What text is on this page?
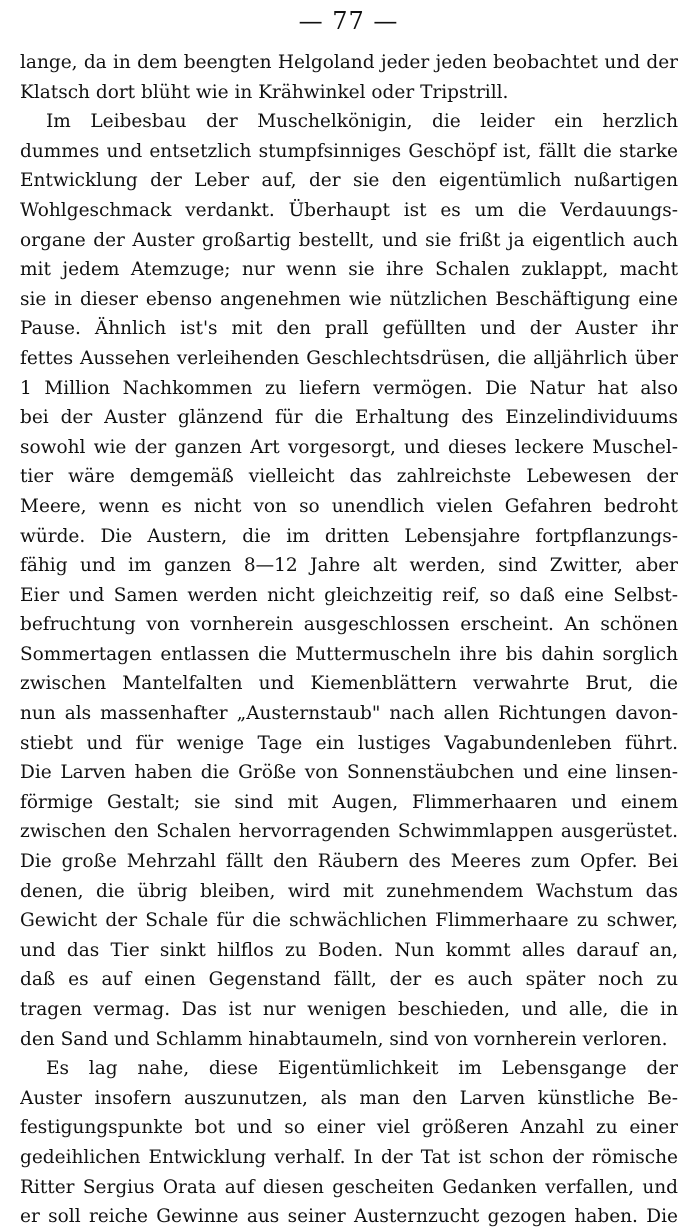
— 77 —
lange, da in dem beengten Helgoland jeder jeden beobachtet und der
Klatsch dort blüht wie in Krähwinkel oder Tripstrill.
Im Leibesbau der Muschelkönigin, die leider ein herzlich
dummes und entsetzlich stumpfsinniges Geschöpf ist, fällt die starke
Entwicklung der Leber auf, der sie den eigentümlich nußartigen
Wohlgeschmack verdankt. Überhaupt ist es um die Verdauungs-
organe der Auster großartig bestellt, und sie frißt ja eigentlich auch
mit jedem Atemzuge; nur wenn sie ihre Schalen zuklappt, macht
sie in dieser ebenso angenehmen wie nützlichen Beschäftigung eine
Pause. Ähnlich ist's mit den prall gefüllten und der Auster ihr
fettes Aussehen verleihenden Geschlechtsdrüsen, die alljährlich über
1 Million Nachkommen zu liefern vermögen. Die Natur hat also
bei der Auster glänzend für die Erhaltung des Einzelindividuums
sowohl wie der ganzen Art vorgesorgt, und dieses leckere Muschel-
tier wäre demgemäß vielleicht das zahlreichste Lebewesen der
Meere, wenn es nicht von so unendlich vielen Gefahren bedroht
würde. Die Austern, die im dritten Lebensjahre fortpflanzungs-
fähig und im ganzen 8—12 Jahre alt werden, sind Zwitter, aber
Eier und Samen werden nicht gleichzeitig reif, so daß eine Selbst-
befruchtung von vornherein ausgeschlossen erscheint. An schönen
Sommertagen entlassen die Muttermuscheln ihre bis dahin sorglich
zwischen Mantelfalten und Kiemenblättern verwahrte Brut, die
nun als massenhafter „Austernstaub" nach allen Richtungen davon-
stiebt und für wenige Tage ein lustiges Vagabundenleben führt.
Die Larven haben die Größe von Sonnenstäubchen und eine linsen-
förmige Gestalt; sie sind mit Augen, Flimmerhaaren und einem
zwischen den Schalen hervorragenden Schwimmlappen ausgerüstet.
Die große Mehrzahl fällt den Räubern des Meeres zum Opfer. Bei
denen, die übrig bleiben, wird mit zunehmendem Wachstum das
Gewicht der Schale für die schwächlichen Flimmerhaare zu schwer,
und das Tier sinkt hilflos zu Boden. Nun kommt alles darauf an,
daß es auf einen Gegenstand fällt, der es auch später noch zu
tragen vermag. Das ist nur wenigen beschieden, und alle, die in
den Sand und Schlamm hinabtaumeln, sind von vornherein verloren.
Es lag nahe, diese Eigentümlichkeit im Lebensgange der
Auster insofern auszunutzen, als man den Larven künstliche Be-
festigungspunkte bot und so einer viel größeren Anzahl zu einer
gedeihlichen Entwicklung verhalf. In der Tat ist schon der römische
Ritter Sergius Orata auf diesen gescheiten Gedanken verfallen, und
er soll reiche Gewinne aus seiner Austernzucht gezogen haben. Die
